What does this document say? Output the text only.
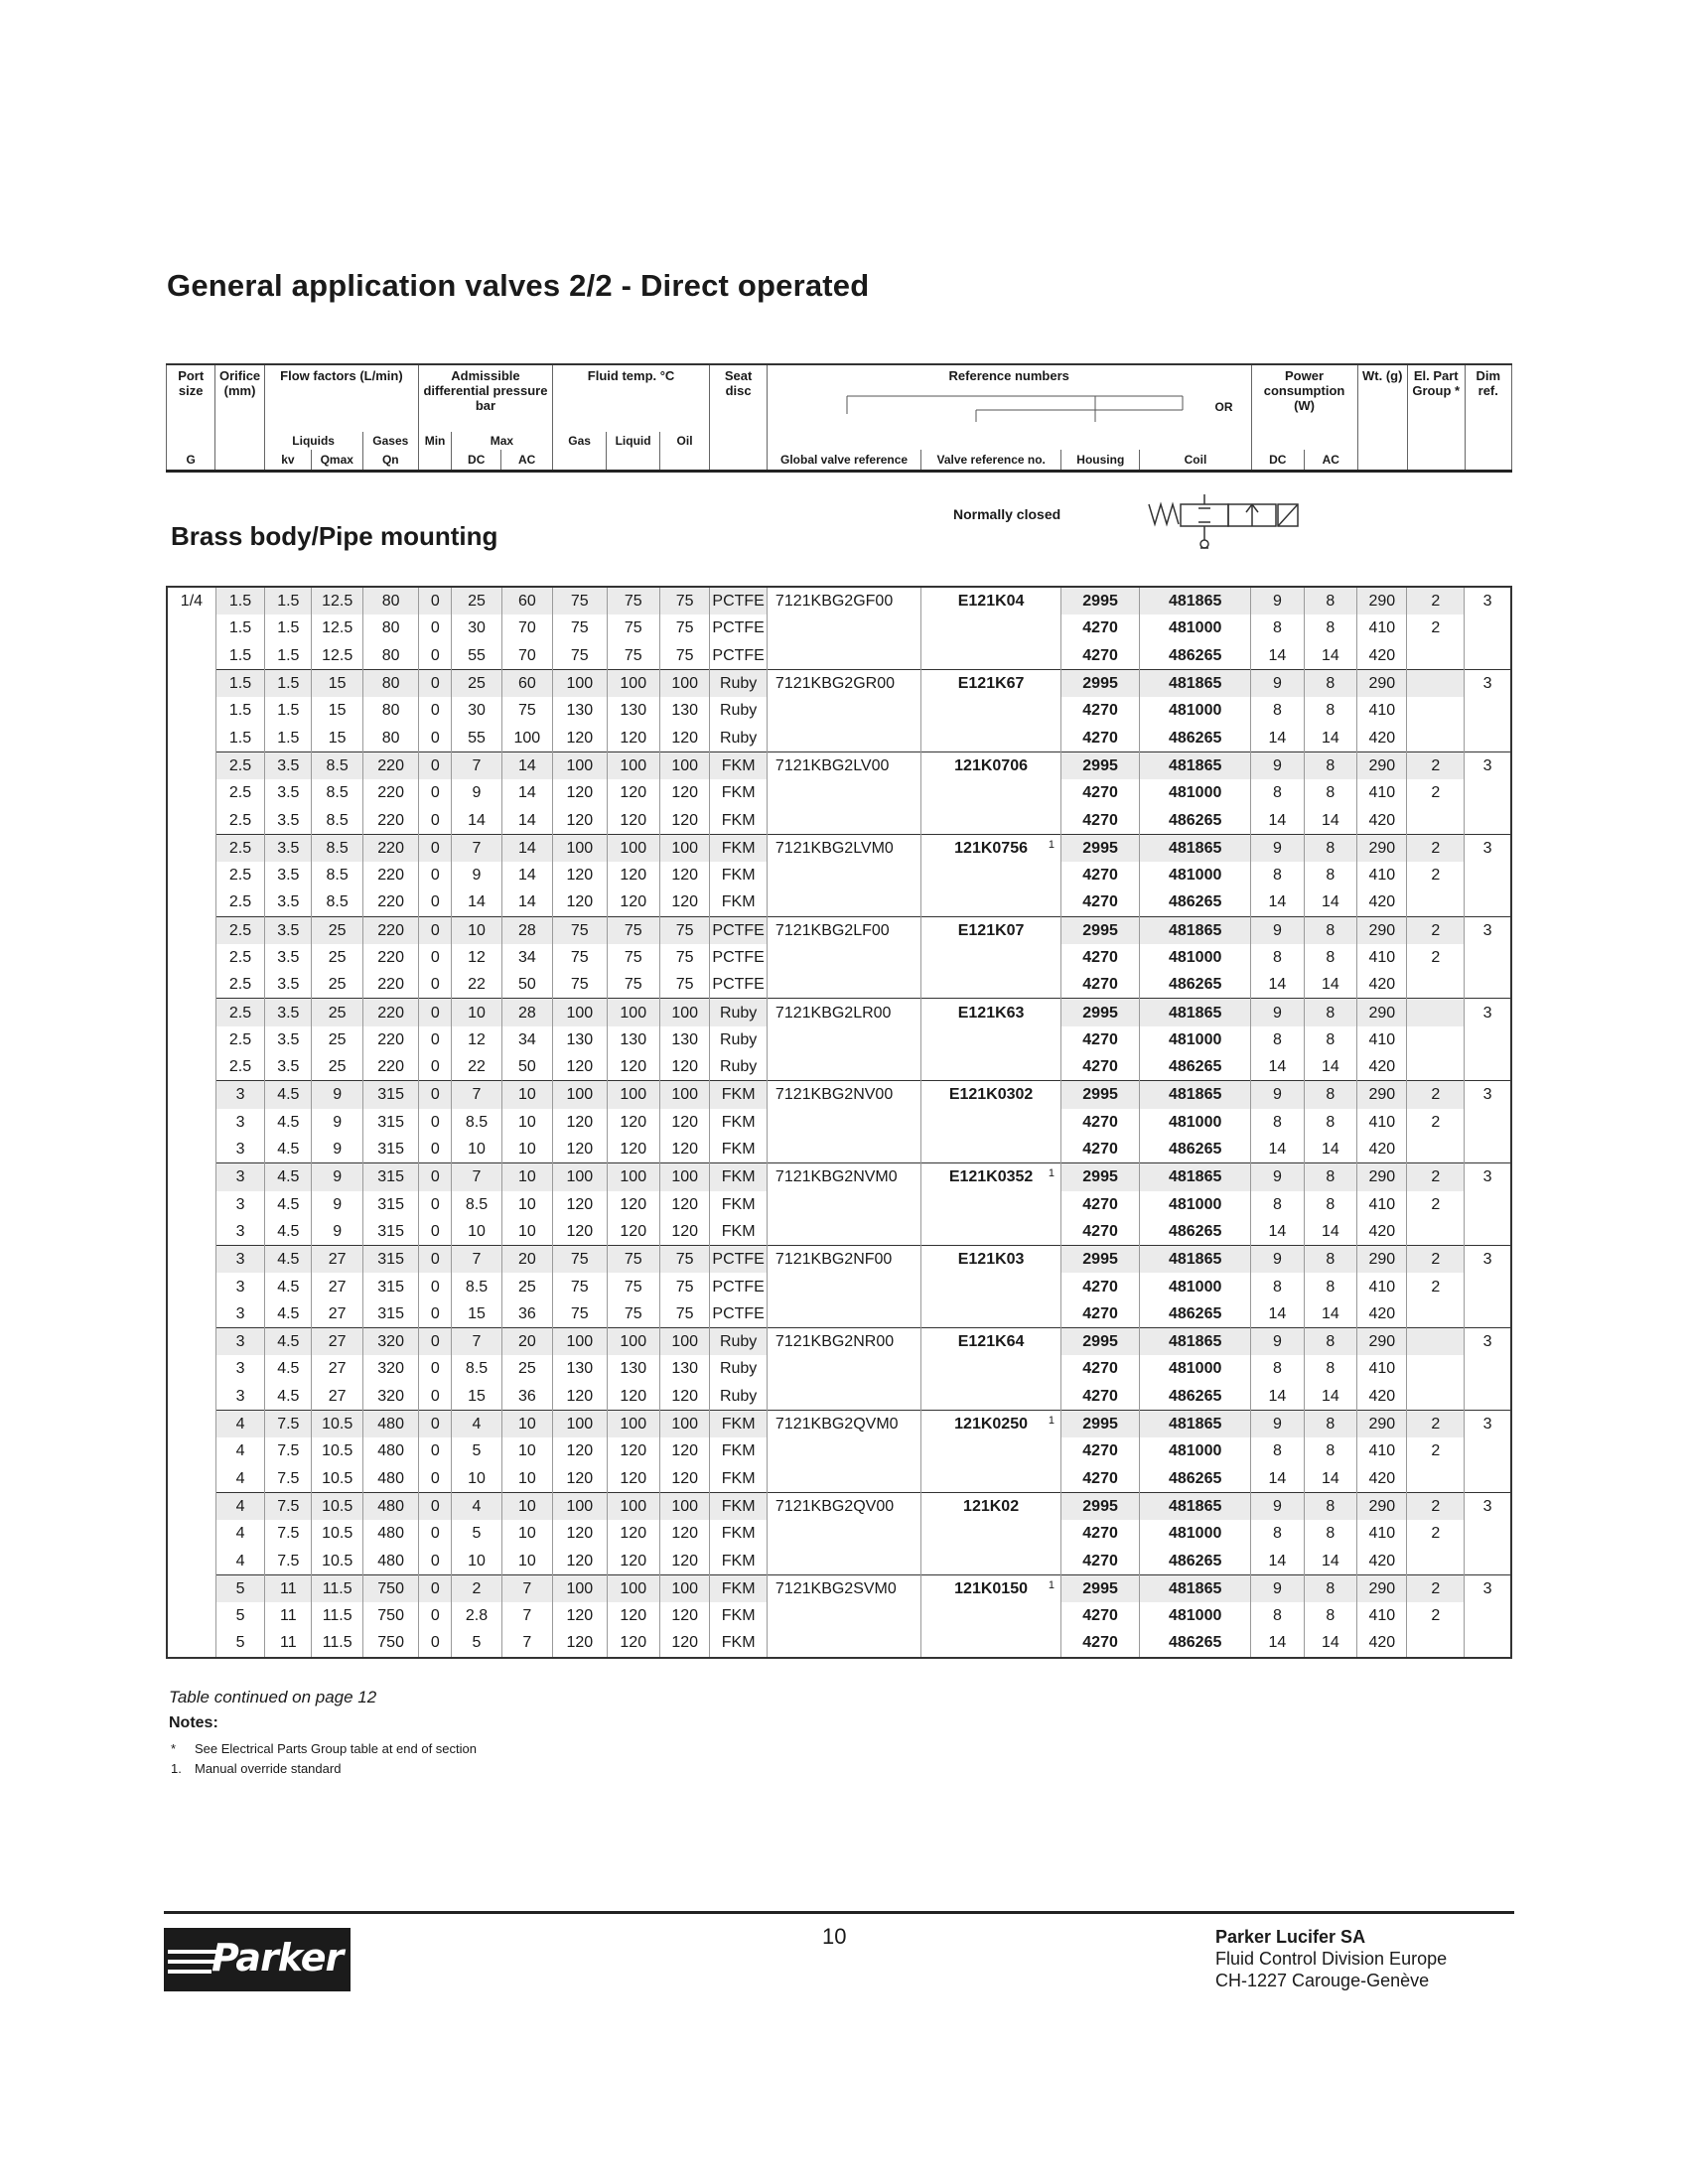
General application valves 2/2 - Direct operated
Port size	Orifice (mm)	Flow factors (L/min)			Admissible differential pressure bar			Fluid temp. °C			Seat disc	Reference numbers
OR				Power consumption (W)		Wt. (g)	El. Part Group *	Dim ref.
		Liquids		Gases	Min	Max		Gas	Liquid	Oil										
G		kv	Qmax	Qn		DC	AC					Global valve reference	Valve reference no.	Housing	Coil	DC	AC			
Brass body/Pipe mounting
Normally closed
1/4	1.5	1.5	12.5	80	0	25	60	75	75	75	PCTFE	7121KBG2GF00	E121K04	2995	481865	9	8	290	2	3
	1.5	1.5	12.5	80	0	30	70	75	75	75	PCTFE			4270	481000	8	8	410	2	
	1.5	1.5	12.5	80	0	55	70	75	75	75	PCTFE			4270	486265	14	14	420		
	1.5	1.5	15	80	0	25	60	100	100	100	Ruby	7121KBG2GR00	E121K67	2995	481865	9	8	290		3
	1.5	1.5	15	80	0	30	75	130	130	130	Ruby			4270	481000	8	8	410		
	1.5	1.5	15	80	0	55	100	120	120	120	Ruby			4270	486265	14	14	420		
	2.5	3.5	8.5	220	0	7	14	100	100	100	FKM	7121KBG2LV00	121K0706	2995	481865	9	8	290	2	3
	2.5	3.5	8.5	220	0	9	14	120	120	120	FKM			4270	481000	8	8	410	2	
	2.5	3.5	8.5	220	0	14	14	120	120	120	FKM			4270	486265	14	14	420		
	2.5	3.5	8.5	220	0	7	14	100	100	100	FKM	7121KBG2LVM0	121K0756 1	2995	481865	9	8	290	2	3
	2.5	3.5	8.5	220	0	9	14	120	120	120	FKM			4270	481000	8	8	410	2	
	2.5	3.5	8.5	220	0	14	14	120	120	120	FKM			4270	486265	14	14	420		
	2.5	3.5	25	220	0	10	28	75	75	75	PCTFE	7121KBG2LF00	E121K07	2995	481865	9	8	290	2	3
	2.5	3.5	25	220	0	12	34	75	75	75	PCTFE			4270	481000	8	8	410	2	
	2.5	3.5	25	220	0	22	50	75	75	75	PCTFE			4270	486265	14	14	420		
	2.5	3.5	25	220	0	10	28	100	100	100	Ruby	7121KBG2LR00	E121K63	2995	481865	9	8	290		3
	2.5	3.5	25	220	0	12	34	130	130	130	Ruby			4270	481000	8	8	410		
	2.5	3.5	25	220	0	22	50	120	120	120	Ruby			4270	486265	14	14	420		
	3	4.5	9	315	0	7	10	100	100	100	FKM	7121KBG2NV00	E121K0302	2995	481865	9	8	290	2	3
	3	4.5	9	315	0	8.5	10	120	120	120	FKM			4270	481000	8	8	410	2	
	3	4.5	9	315	0	10	10	120	120	120	FKM			4270	486265	14	14	420		
	3	4.5	9	315	0	7	10	100	100	100	FKM	7121KBG2NVM0	E121K0352 1	2995	481865	9	8	290	2	3
	3	4.5	9	315	0	8.5	10	120	120	120	FKM			4270	481000	8	8	410	2	
	3	4.5	9	315	0	10	10	120	120	120	FKM			4270	486265	14	14	420		
	3	4.5	27	315	0	7	20	75	75	75	PCTFE	7121KBG2NF00	E121K03	2995	481865	9	8	290	2	3
	3	4.5	27	315	0	8.5	25	75	75	75	PCTFE			4270	481000	8	8	410	2	
	3	4.5	27	315	0	15	36	75	75	75	PCTFE			4270	486265	14	14	420		
	3	4.5	27	320	0	7	20	100	100	100	Ruby	7121KBG2NR00	E121K64	2995	481865	9	8	290		3
	3	4.5	27	320	0	8.5	25	130	130	130	Ruby			4270	481000	8	8	410		
	3	4.5	27	320	0	15	36	120	120	120	Ruby			4270	486265	14	14	420		
	4	7.5	10.5	480	0	4	10	100	100	100	FKM	7121KBG2QVM0	121K0250 1	2995	481865	9	8	290	2	3
	4	7.5	10.5	480	0	5	10	120	120	120	FKM			4270	481000	8	8	410	2	
	4	7.5	10.5	480	0	10	10	120	120	120	FKM			4270	486265	14	14	420		
	4	7.5	10.5	480	0	4	10	100	100	100	FKM	7121KBG2QV00	121K02	2995	481865	9	8	290	2	3
	4	7.5	10.5	480	0	5	10	120	120	120	FKM			4270	481000	8	8	410	2	
	4	7.5	10.5	480	0	10	10	120	120	120	FKM			4270	486265	14	14	420		
	5	11	11.5	750	0	2	7	100	100	100	FKM	7121KBG2SVM0	121K0150 1	2995	481865	9	8	290	2	3
	5	11	11.5	750	0	2.8	7	120	120	120	FKM			4270	481000	8	8	410	2	
	5	11	11.5	750	0	5	7	120	120	120	FKM			4270	486265	14	14	420		

Table continued on page 12

Notes:

* See Electrical Parts Group table at end of section
1. Manual override standard
Parker	10	Parker Lucifer SA
Fluid Control Division Europe
CH-1227 Carouge-Genève
